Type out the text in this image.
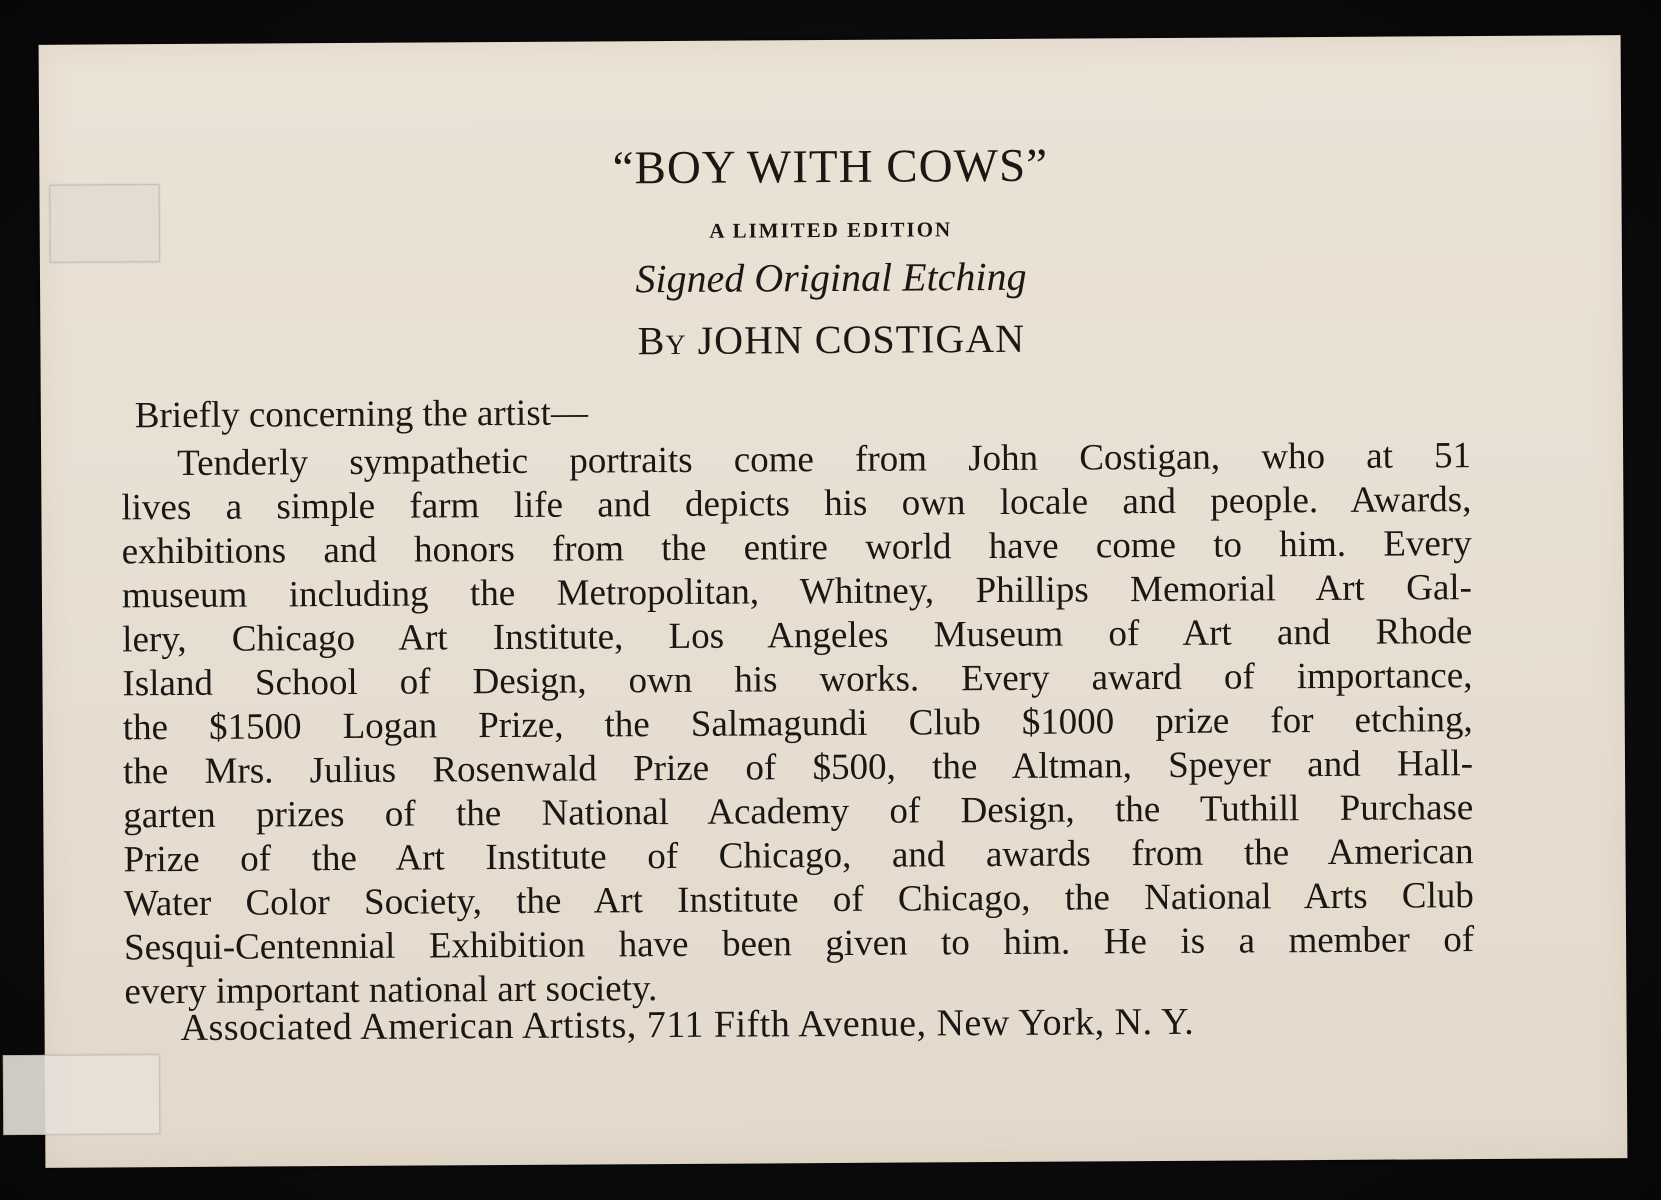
“BOY WITH COWS”
A LIMITED EDITION
Signed Original Etching
By JOHN COSTIGAN
Briefly concerning the artist—
Tenderly sympathetic portraits come from John Costigan, who at 51
lives a simple farm life and depicts his own locale and people. Awards,
exhibitions and honors from the entire world have come to him. Every
museum including the Metropolitan, Whitney, Phillips Memorial Art Gal-
lery, Chicago Art Institute, Los Angeles Museum of Art and Rhode
Island School of Design, own his works. Every award of importance,
the $1500 Logan Prize, the Salmagundi Club $1000 prize for etching,
the Mrs. Julius Rosenwald Prize of $500, the Altman, Speyer and Hall-
garten prizes of the National Academy of Design, the Tuthill Purchase
Prize of the Art Institute of Chicago, and awards from the American
Water Color Society, the Art Institute of Chicago, the National Arts Club
Sesqui-Centennial Exhibition have been given to him. He is a member of
every important national art society.
Associated American Artists, 711 Fifth Avenue, New York, N. Y.
